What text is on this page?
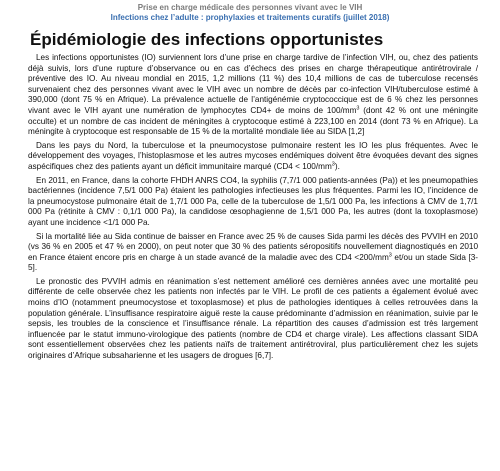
Prise en charge médicale des personnes vivant avec le VIH
Infections chez l’adulte : prophylaxies et traitements curatifs (juillet 2018)
Épidémiologie des infections opportunistes

Les infections opportunistes (IO) surviennent lors d’une prise en charge tardive de l’infection VIH, ou, chez des patients déjà suivis, lors d’une rupture d’observance ou en cas d’échecs des prises en charge thérapeutique antirétrovirale / préventive des IO. Au niveau mondial en 2015, 1,2 millions (11 %) des 10,4 millions de cas de tuberculose recensés survenaient chez des personnes vivant avec le VIH avec un nombre de décès par co-infection VIH/tuberculose estimé à 390,000 (dont 75 % en Afrique). La prévalence actuelle de l’antigénémie cryptococcique est de 6 % chez les personnes vivant avec le VIH ayant une numération de lymphocytes CD4+ de moins de $100/mm^3$ (dont 42 % ont une méningite occulte) et un nombre de cas incident de méningites à cryptocoque estimé à 223,100 en 2014 (dont 73 % en Afrique). La méningite à cryptocoque est responsable de 15 % de la mortalité mondiale liée au SIDA [1,2]

Dans les pays du Nord, la tuberculose et la pneumocystose pulmonaire restent les IO les plus fréquentes. Avec le développement des voyages, l’histoplasmose et les autres mycoses endémiques doivent être évoquées devant des signes aspécifiques chez des patients ayant un déficit immunitaire marqué $(CD4 < 100/mm^3)$.

En 2011, en France, dans la cohorte FHDH ANRS CO4, la syphilis (7,7/1 000 patients-années (Pa)) et les pneumopathies bactériennes (incidence 7,5/1 000 Pa) étaient les pathologies infectieuses les plus fréquentes. Parmi les IO, l’incidence de la pneumocystose pulmonaire était de 1,7/1 000 Pa, celle de la tuberculose de 1,5/1 000 Pa, les infections à CMV de 1,7/1 000 Pa (rétinite à CMV : 0,1/1 000 Pa), la candidose œsophagienne de 1,5/1 000 Pa, les autres (dont la toxoplasmose) ayant une incidence <1/1 000 Pa.

Si la mortalité liée au Sida continue de baisser en France avec 25 % de causes Sida parmi les décès des PVVIH en 2010 (vs 36 % en 2005 et 47 % en 2000), on peut noter que 30 % des patients séropositifs nouvellement diagnostiqués en 2010 en France étaient encore pris en charge à un stade avancé de la maladie avec des $CD4 <200/mm^3$ et/ou un stade Sida [3-5].

Le pronostic des PVVIH admis en réanimation s’est nettement amélioré ces dernières années avec une mortalité peu différente de celle observée chez les patients non infectés par le VIH. Le profil de ces patients a également évolué avec moins d’IO (notamment pneumocystose et toxoplasmose) et plus de pathologies identiques à celles retrouvées dans la population générale. L’insuffisance respiratoire aiguë reste la cause prédominante d’admission en réanimation, suivie par le sepsis, les troubles de la conscience et l’insuffisance rénale. La répartition des causes d’admission est très largement influencée par le statut immuno-virologique des patients (nombre de CD4 et charge virale). Les affections classant SIDA sont essentiellement observées chez les patients naïfs de traitement antirétroviral, plus particulièrement chez les sujets originaires d’Afrique subsaharienne et les usagers de drogues [6,7].
